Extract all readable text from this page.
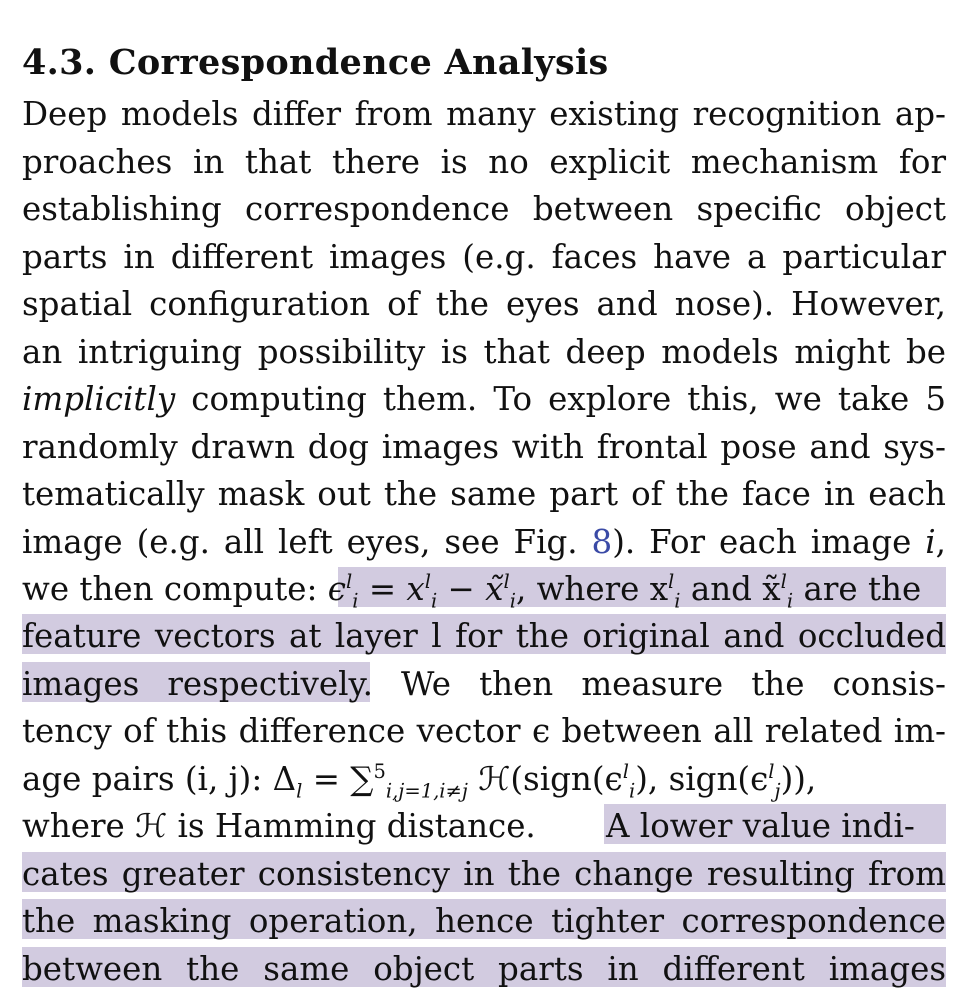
4.3. Correspondence Analysis
Deep models differ from many existing recognition ap-
proaches in that there is no explicit mechanism for
establishing correspondence between specific object
parts in different images (e.g. faces have a particular
spatial configuration of the eyes and nose). However,
an intriguing possibility is that deep models might be
implicitly computing them. To explore this, we take 5
randomly drawn dog images with frontal pose and sys-
tematically mask out the same part of the face in each
image (e.g. all left eyes, see Fig. 8). For each image i,
we then compute: $\epsilon^l_i = x^l_i$ − x̃$^l_i$, where $x^l_i$ and x̃$^l_i$ are the
feature vectors at layer l for the original and occluded
images respectively. We then measure the consis-
tency of this difference vector ϵ between all related im-
age pairs (i, j): $\Delta_l = \sum^5_{i,j=1,i\ne j}$ $ℋ(sign(\epsilon^l_i)$, $sign(\epsilon^l_j)$),
where ℋ is Hamming distance. A lower value indi-
cates greater consistency in the change resulting from
the masking operation, hence tighter correspondence
between the same object parts in different images
